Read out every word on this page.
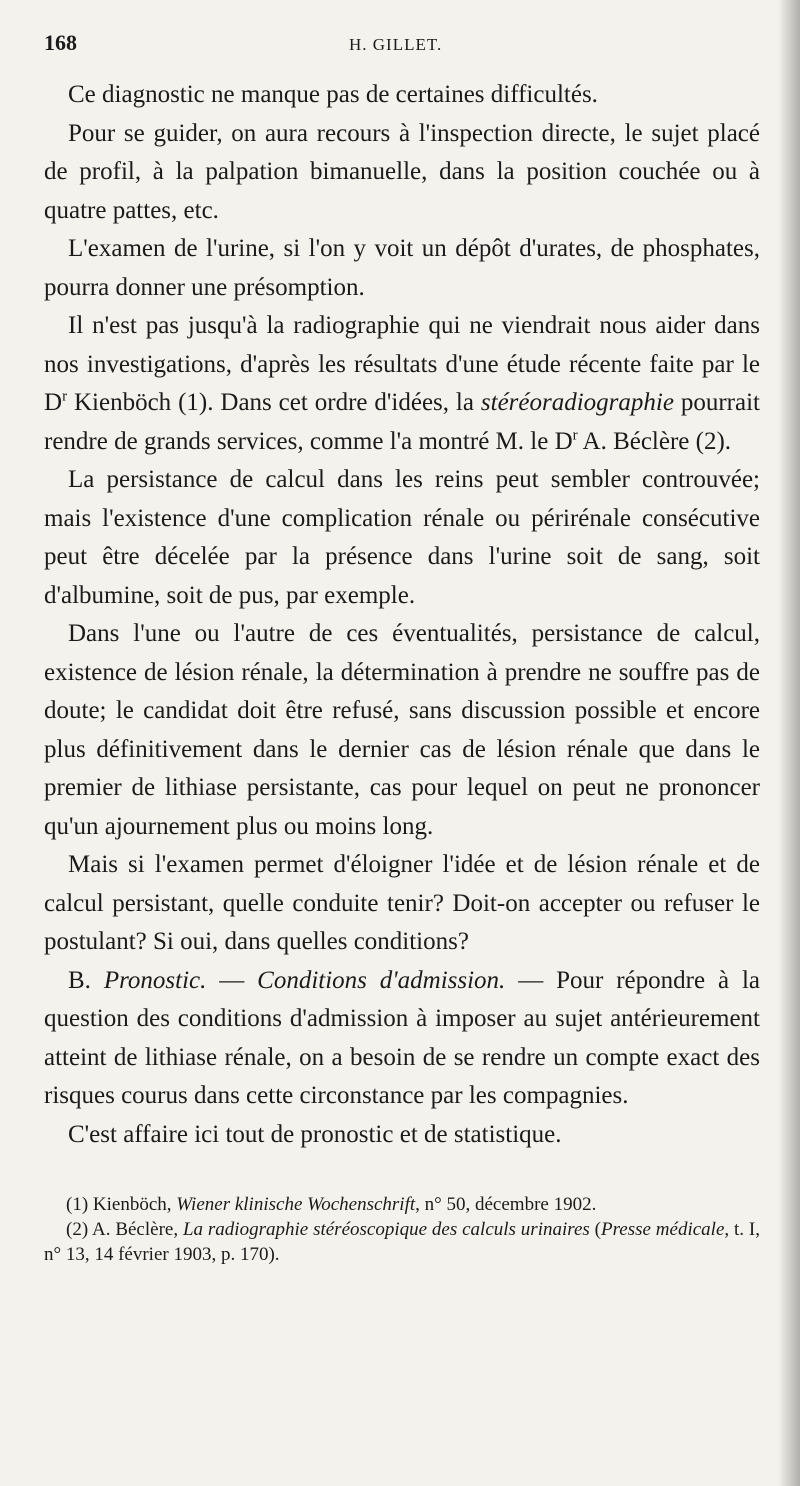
168	H. GILLET.

Ce diagnostic ne manque pas de certaines difficultés.

Pour se guider, on aura recours à l'inspection directe, le sujet placé de profil, à la palpation bimanuelle, dans la position couchée ou à quatre pattes, etc.

L'examen de l'urine, si l'on y voit un dépôt d'urates, de phosphates, pourra donner une présomption.

Il n'est pas jusqu'à la radiographie qui ne viendrait nous aider dans nos investigations, d'après les résultats d'une étude récente faite par le $D^r$ Kienböch (1). Dans cet ordre d'idées, la stéréoradiographie pourrait rendre de grands services, comme l'a montré M. le $D^r$ A. Béclère (2).

La persistance de calcul dans les reins peut sembler controuvée; mais l'existence d'une complication rénale ou périrénale consécutive peut être décelée par la présence dans l'urine soit de sang, soit d'albumine, soit de pus, par exemple.

Dans l'une ou l'autre de ces éventualités, persistance de calcul, existence de lésion rénale, la détermination à prendre ne souffre pas de doute; le candidat doit être refusé, sans discussion possible et encore plus définitivement dans le dernier cas de lésion rénale que dans le premier de lithiase persistante, cas pour lequel on peut ne prononcer qu'un ajournement plus ou moins long.

Mais si l'examen permet d'éloigner l'idée et de lésion rénale et de calcul persistant, quelle conduite tenir? Doit-on accepter ou refuser le postulant? Si oui, dans quelles conditions?

B. Pronostic. — Conditions d'admission. — Pour répondre à la question des conditions d'admission à imposer au sujet antérieurement atteint de lithiase rénale, on a besoin de se rendre un compte exact des risques courus dans cette circonstance par les compagnies.

C'est affaire ici tout de pronostic et de statistique.

(1) Kienböch, Wiener klinische Wochenschrift, n° 50, décembre 1902.

(2) A. Béclère, La radiographie stéréoscopique des calculs urinaires (Presse médicale, t. I, n° 13, 14 février 1903, p. 170).
